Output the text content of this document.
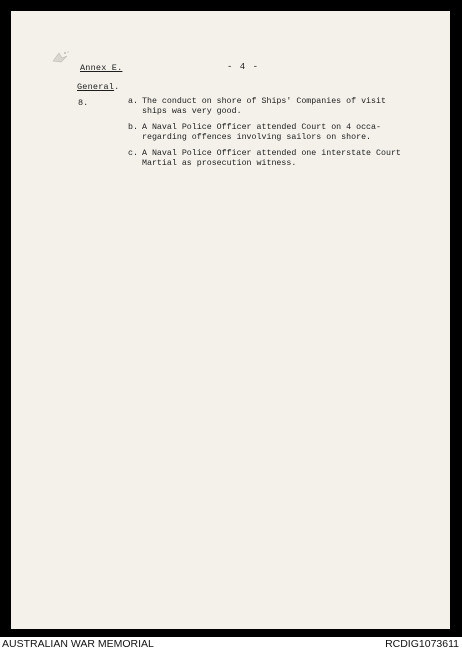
Annex E.	- 4 -
General.
8.	a. The conduct on shore of Ships' Companies of visit
ships was very good.
b. A Naval Police Officer attended Court on 4 occa-
regarding offences involving sailors on shore.
c. A Naval Police Officer attended one interstate Court
Martial as prosecution witness.
AUSTRALIAN WAR MEMORIAL	RCDIG1073611
